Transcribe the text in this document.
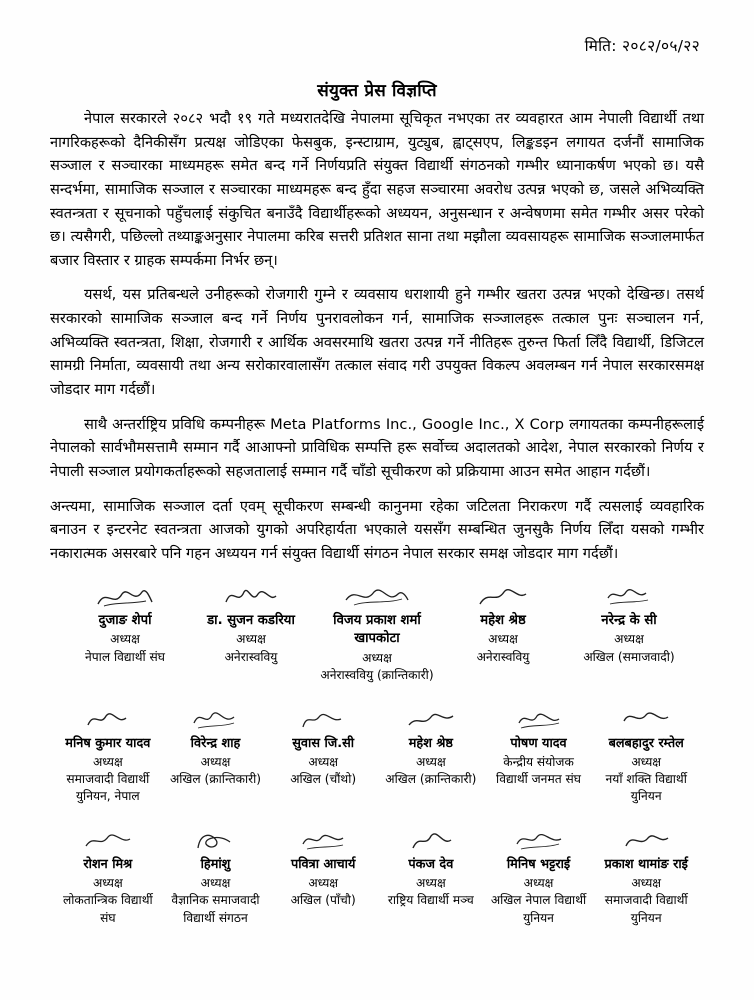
मिति: २०८२/०५/२२
संयुक्त प्रेस विज्ञप्ति

नेपाल सरकारले २०८२ भदौ १९ गते मध्यरातदेखि नेपालमा सूचिकृत नभएका तर व्यवहारत आम नेपाली विद्यार्थी तथा नागरिकहरूको दैनिकीसँग प्रत्यक्ष जोडिएका फेसबुक, इन्स्टाग्राम, युट्युब, ह्वाट्सएप, लिङ्कडइन लगायत दर्जनौं सामाजिक सञ्जाल र सञ्चारका माध्यमहरू समेत बन्द गर्ने निर्णयप्रति संयुक्त विद्यार्थी संगठनको गम्भीर ध्यानाकर्षण भएको छ। यसै सन्दर्भमा, सामाजिक सञ्जाल र सञ्चारका माध्यमहरू बन्द हुँदा सहज सञ्चारमा अवरोध उत्पन्न भएको छ, जसले अभिव्यक्ति स्वतन्त्रता र सूचनाको पहुँचलाई संकुचित बनाउँदै विद्यार्थीहरूको अध्ययन, अनुसन्धान र अन्वेषणमा समेत गम्भीर असर परेको छ। त्यसैगरी, पछिल्लो तथ्याङ्कअनुसार नेपालमा करिब सत्तरी प्रतिशत साना तथा मझौला व्यवसायहरू सामाजिक सञ्जालमार्फत बजार विस्तार र ग्राहक सम्पर्कमा निर्भर छन्।

यसर्थ, यस प्रतिबन्धले उनीहरूको रोजगारी गुम्ने र व्यवसाय धराशायी हुने गम्भीर खतरा उत्पन्न भएको देखिन्छ। तसर्थ सरकारको सामाजिक सञ्जाल बन्द गर्ने निर्णय पुनरावलोकन गर्न, सामाजिक सञ्जालहरू तत्काल पुनः सञ्चालन गर्न, अभिव्यक्ति स्वतन्त्रता, शिक्षा, रोजगारी र आर्थिक अवसरमाथि खतरा उत्पन्न गर्ने नीतिहरू तुरुन्त फिर्ता लिँदै विद्यार्थी, डिजिटल सामग्री निर्माता, व्यवसायी तथा अन्य सरोकारवालासँग तत्काल संवाद गरी उपयुक्त विकल्प अवलम्बन गर्न नेपाल सरकारसमक्ष जोडदार माग गर्दछौं।

साथै अन्तर्राष्ट्रिय प्रविधि कम्पनीहरू Meta Platforms Inc., Google Inc., X Corp लगायतका कम्पनीहरूलाई नेपालको सार्वभौमसत्तामै सम्मान गर्दै आआफ्नो प्राविधिक सम्पत्ति हरू सर्वोच्च अदालतको आदेश, नेपाल सरकारको निर्णय र नेपाली सञ्जाल प्रयोगकर्ताहरूको सहजतालाई सम्मान गर्दै चाँडो सूचीकरण को प्रक्रियामा आउन समेत आहान गर्दछौं।

अन्त्यमा, सामाजिक सञ्जाल दर्ता एवम् सूचीकरण सम्बन्धी कानुनमा रहेका जटिलता निराकरण गर्दै त्यसलाई व्यवहारिक बनाउन र इन्टरनेट स्वतन्त्रता आजको युगको अपरिहार्यता भएकाले यससँग सम्बन्धित जुनसुकै निर्णय लिँदा यसको गम्भीर नकारात्मक असरबारे पनि गहन अध्ययन गर्न संयुक्त विद्यार्थी संगठन नेपाल सरकार समक्ष जोडदार माग गर्दछौं।

दुजाङ शेर्पा
अध्यक्ष
नेपाल विद्यार्थी संघ
डा. सुजन कडरिया
अध्यक्ष
अनेरास्ववियु
विजय प्रकाश शर्मा खापकोटा
अध्यक्ष
अनेरास्ववियु (क्रान्तिकारी)
महेश श्रेष्ठ
अध्यक्ष
अनेरास्ववियु
नरेन्द्र के सी
अध्यक्ष
अखिल (समाजवादी)
मनिष कुमार यादव
अध्यक्ष
समाजवादी विद्यार्थी युनियन, नेपाल
विरेन्द्र शाह
अध्यक्ष
अखिल (क्रान्तिकारी)
सुवास जि.सी
अध्यक्ष
अखिल (चौंथो)
महेश श्रेष्ठ
अध्यक्ष
अखिल (क्रान्तिकारी)
पोषण यादव
केन्द्रीय संयोजक
विद्यार्थी जनमत संघ
बलबहादुर रम्तेल
अध्यक्ष
नयाँ शक्ति विद्यार्थी युनियन
रोशन मिश्र
अध्यक्ष
लोकतान्त्रिक विद्यार्थी संघ
हिमांशु
अध्यक्ष
वैज्ञानिक समाजवादी विद्यार्थी संगठन
पवित्रा आचार्य
अध्यक्ष
अखिल (पाँचौ)
पंकज देव
अध्यक्ष
राष्ट्रिय विद्यार्थी मञ्च
मिनिष भट्टराई
अध्यक्ष
अखिल नेपाल विद्यार्थी युनियन
प्रकाश थामांङ राई
अध्यक्ष
समाजवादी विद्यार्थी युनियन
